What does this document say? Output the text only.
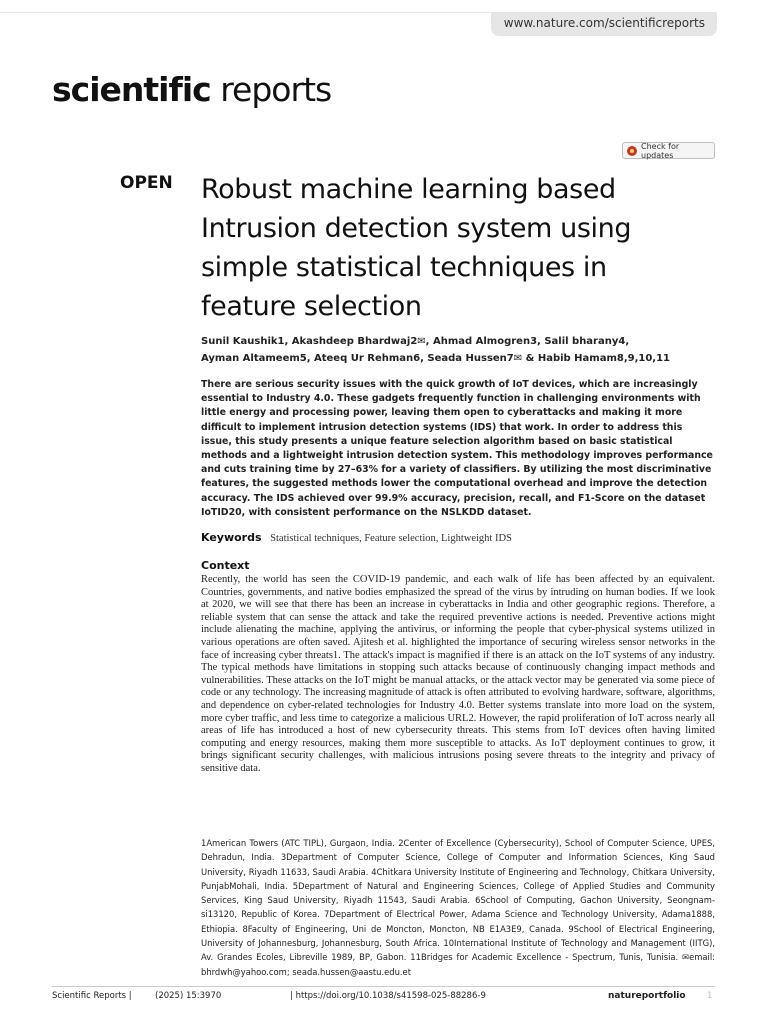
www.nature.com/scientificreports
scientific reports
Check for updates
OPEN Robust machine learning based Intrusion detection system using simple statistical techniques in feature selection
Sunil Kaushik1, Akashdeep Bhardwaj2✉, Ahmad Almogren3, Salil bharany4,
Ayman Altameem5, Ateeq Ur Rehman6, Seada Hussen7✉ & Habib Hamam8,9,10,11

There are serious security issues with the quick growth of IoT devices, which are increasingly essential to Industry 4.0. These gadgets frequently function in challenging environments with little energy and processing power, leaving them open to cyberattacks and making it more difficult to implement intrusion detection systems (IDS) that work. In order to address this issue, this study presents a unique feature selection algorithm based on basic statistical methods and a lightweight intrusion detection system. This methodology improves performance and cuts training time by 27–63% for a variety of classifiers. By utilizing the most discriminative features, the suggested methods lower the computational overhead and improve the detection accuracy. The IDS achieved over 99.9% accuracy, precision, recall, and F1-Score on the dataset IoTID20, with consistent performance on the NSLKDD dataset.

Keywords Statistical techniques, Feature selection, Lightweight IDS
Context

Recently, the world has seen the COVID-19 pandemic, and each walk of life has been affected by an equivalent. Countries, governments, and native bodies emphasized the spread of the virus by intruding on human bodies. If we look at 2020, we will see that there has been an increase in cyberattacks in India and other geographic regions. Therefore, a reliable system that can sense the attack and take the required preventive actions is needed. Preventive actions might include alienating the machine, applying the antivirus, or informing the people that cyber-physical systems utilized in various operations are often saved. Ajitesh et al. highlighted the importance of securing wireless sensor networks in the face of increasing cyber threats1. The attack's impact is magnified if there is an attack on the IoT systems of any industry. The typical methods have limitations in stopping such attacks because of continuously changing impact methods and vulnerabilities. These attacks on the IoT might be manual attacks, or the attack vector may be generated via some piece of code or any technology. The increasing magnitude of attack is often attributed to evolving hardware, software, algorithms, and dependence on cyber-related technologies for Industry 4.0. Better systems translate into more load on the system, more cyber traffic, and less time to categorize a malicious URL2. However, the rapid proliferation of IoT across nearly all areas of life has introduced a host of new cybersecurity threats. This stems from IoT devices often having limited computing and energy resources, making them more susceptible to attacks. As IoT deployment continues to grow, it brings significant security challenges, with malicious intrusions posing severe threats to the integrity and privacy of sensitive data.

1American Towers (ATC TIPL), Gurgaon, India. 2Center of Excellence (Cybersecurity), School of Computer Science, UPES, Dehradun, India. 3Department of Computer Science, College of Computer and Information Sciences, King Saud University, Riyadh 11633, Saudi Arabia. 4Chitkara University Institute of Engineering and Technology, Chitkara University, PunjabMohali, India. 5Department of Natural and Engineering Sciences, College of Applied Studies and Community Services, King Saud University, Riyadh 11543, Saudi Arabia. 6School of Computing, Gachon University, Seongnam-si13120, Republic of Korea. 7Department of Electrical Power, Adama Science and Technology University, Adama1888, Ethiopia. 8Faculty of Engineering, Uni de Moncton, Moncton, NB E1A3E9, Canada. 9School of Electrical Engineering, University of Johannesburg, Johannesburg, South Africa. 10International Institute of Technology and Management (IITG), Av. Grandes Ecoles, Libreville 1989, BP, Gabon. 11Bridges for Academic Excellence - Spectrum, Tunis, Tunisia. ✉email: bhrdwh@yahoo.com; seada.hussen@aastu.edu.et

Scientific Reports |	(2025) 15:3970	| https://doi.org/10.1038/s41598-025-88286-9	natureportfolio	1
